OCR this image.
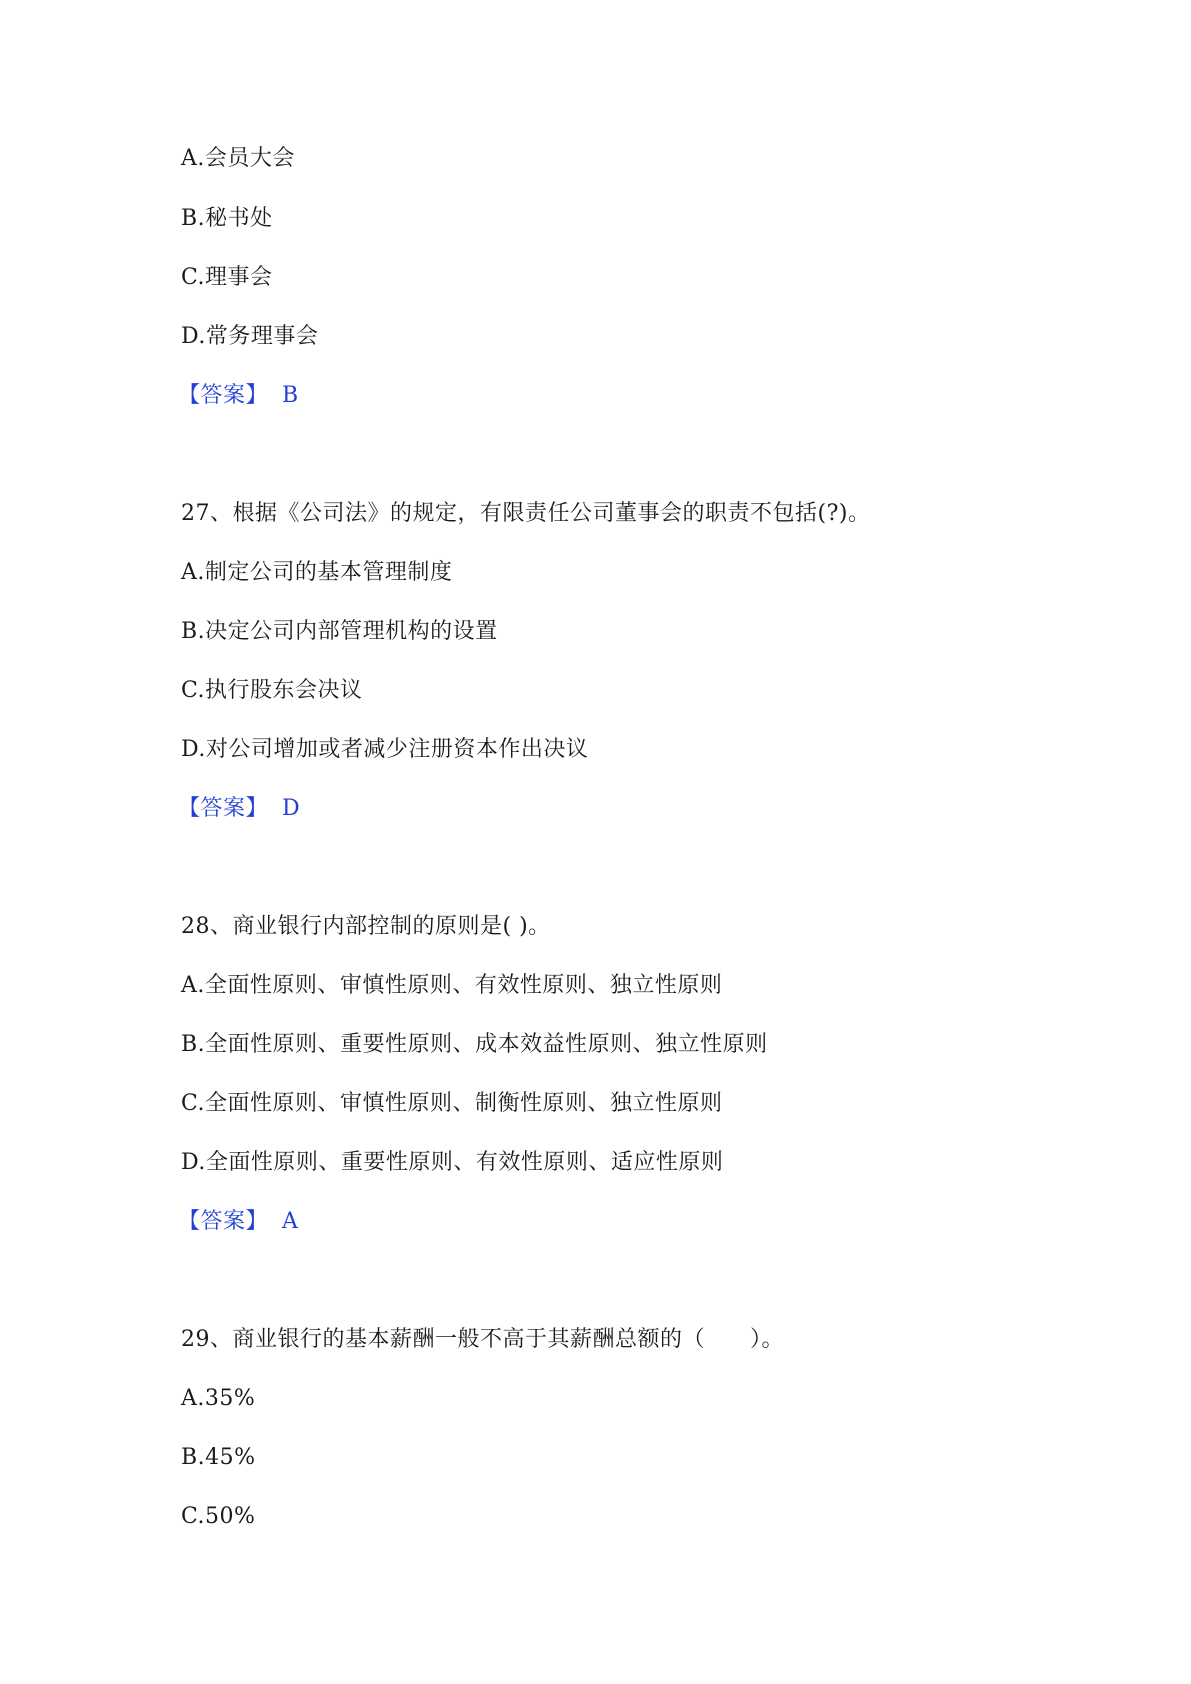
A.会员大会
B.秘书处
C.理事会
D.常务理事会
【答案】 B
27、根据《公司法》的规定，有限责任公司董事会的职责不包括(?)。
A.制定公司的基本管理制度
B.决定公司内部管理机构的设置
C.执行股东会决议
D.对公司增加或者减少注册资本作出决议
【答案】 D
28、商业银行内部控制的原则是( )。
A.全面性原则、审慎性原则、有效性原则、独立性原则
B.全面性原则、重要性原则、成本效益性原则、独立性原则
C.全面性原则、审慎性原则、制衡性原则、独立性原则
D.全面性原则、重要性原则、有效性原则、适应性原则
【答案】 A
29、商业银行的基本薪酬一般不高于其薪酬总额的（　　）。
A.35%
B.45%
C.50%
